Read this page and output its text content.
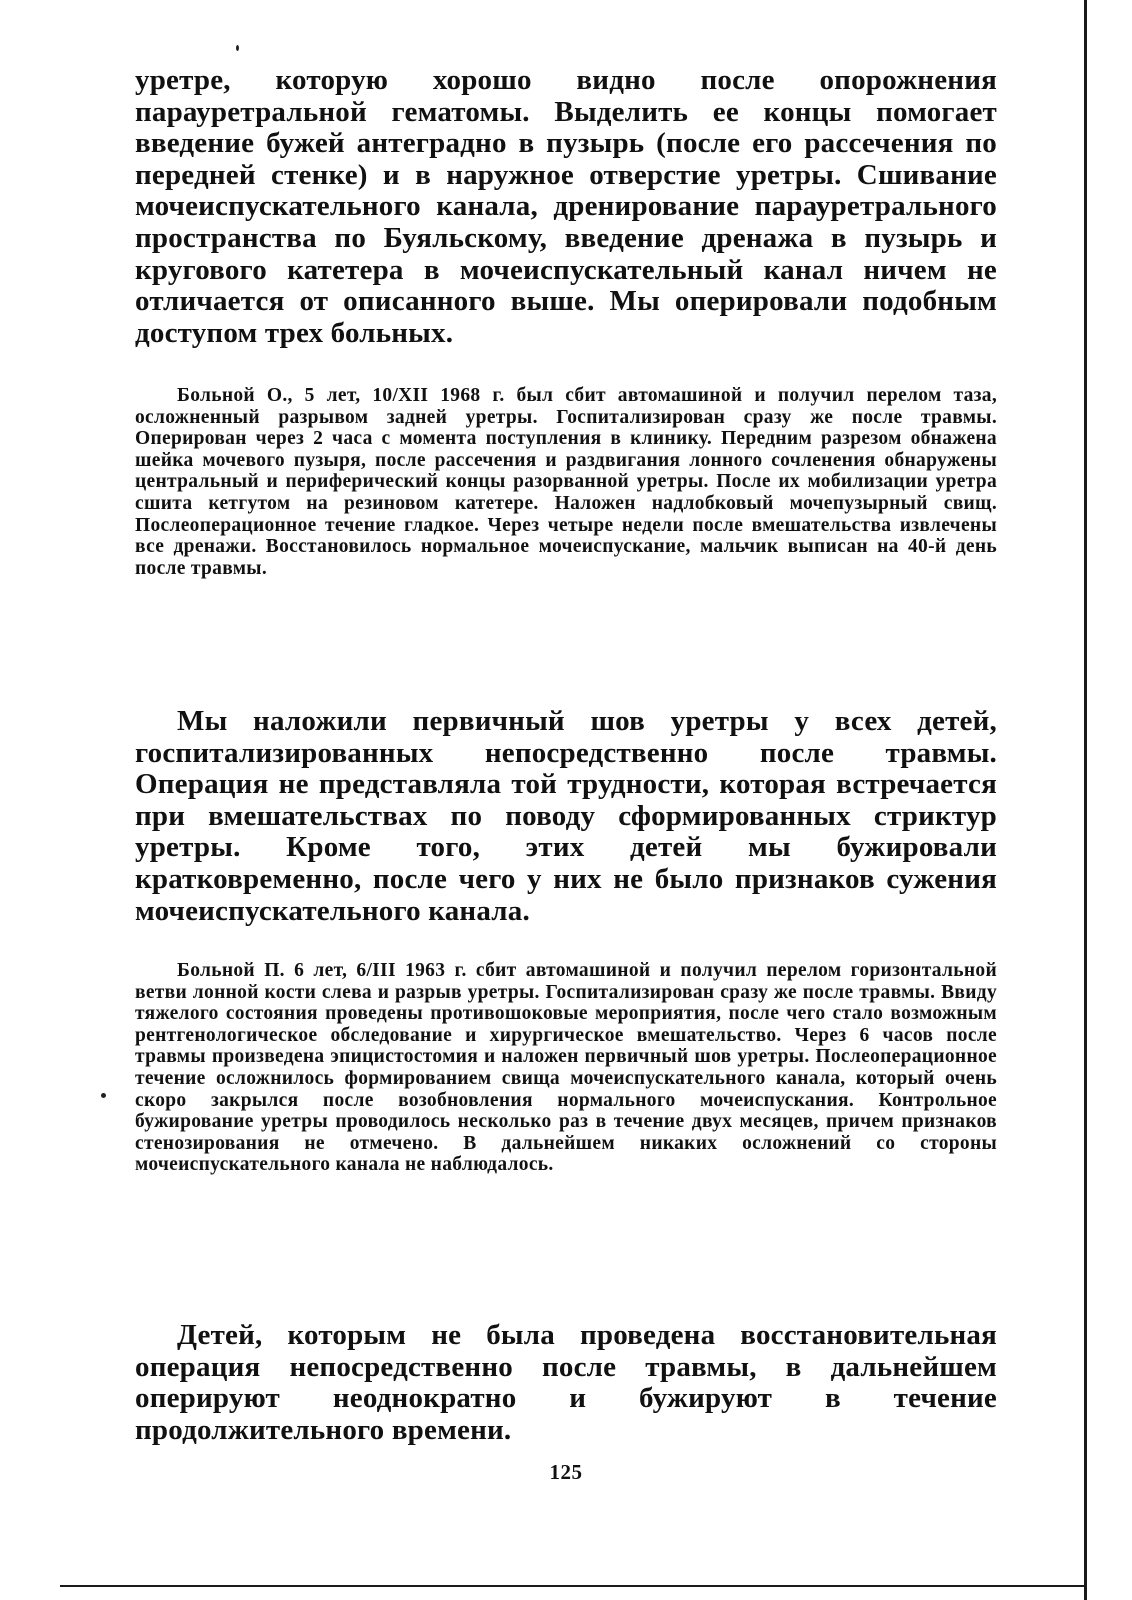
уретре, которую хорошо видно после опорожнения парауретральной гематомы. Выделить ее концы помогает введение бужей антеградно в пузырь (после его рассечения по передней стенке) и в наружное отверстие уретры. Сшивание мочеиспускательного канала, дренирование парауретрального пространства по Буяльскому, введение дренажа в пузырь и кругового катетера в мочеиспускательный канал ничем не отличается от описанного выше. Мы оперировали подобным доступом трех больных.

Больной О., 5 лет, 10/XII 1968 г. был сбит автомашиной и получил перелом таза, осложненный разрывом задней уретры. Госпитализирован сразу же после травмы. Оперирован через 2 часа с момента поступления в клинику. Передним разрезом обнажена шейка мочевого пузыря, после рассечения и раздвигания лонного сочленения обнаружены центральный и периферический концы разорванной уретры. После их мобилизации уретра сшита кетгутом на резиновом катетере. Наложен надлобковый мочепузырный свищ. Послеоперационное течение гладкое. Через четыре недели после вмешательства извлечены все дренажи. Восстановилось нормальное мочеиспускание, мальчик выписан на 40-й день после травмы.

Мы наложили первичный шов уретры у всех детей, госпитализированных непосредственно после травмы. Операция не представляла той трудности, которая встречается при вмешательствах по поводу сформированных стриктур уретры. Кроме того, этих детей мы бужировали кратковременно, после чего у них не было признаков сужения мочеиспускательного канала.

Больной П. 6 лет, 6/III 1963 г. сбит автомашиной и получил перелом горизонтальной ветви лонной кости слева и разрыв уретры. Госпитализирован сразу же после травмы. Ввиду тяжелого состояния проведены противошоковые мероприятия, после чего стало возможным рентгенологическое обследование и хирургическое вмешательство. Через 6 часов после травмы произведена эпицистостомия и наложен первичный шов уретры. Послеоперационное течение осложнилось формированием свища мочеиспускательного канала, который очень скоро закрылся после возобновления нормального мочеиспускания. Контрольное бужирование уретры проводилось несколько раз в течение двух месяцев, причем признаков стенозирования не отмечено. В дальнейшем никаких осложнений со стороны мочеиспускательного канала не наблюдалось.

Детей, которым не была проведена восстановительная операция непосредственно после травмы, в дальнейшем оперируют неоднократно и бужируют в течение продолжительного времени.

125
